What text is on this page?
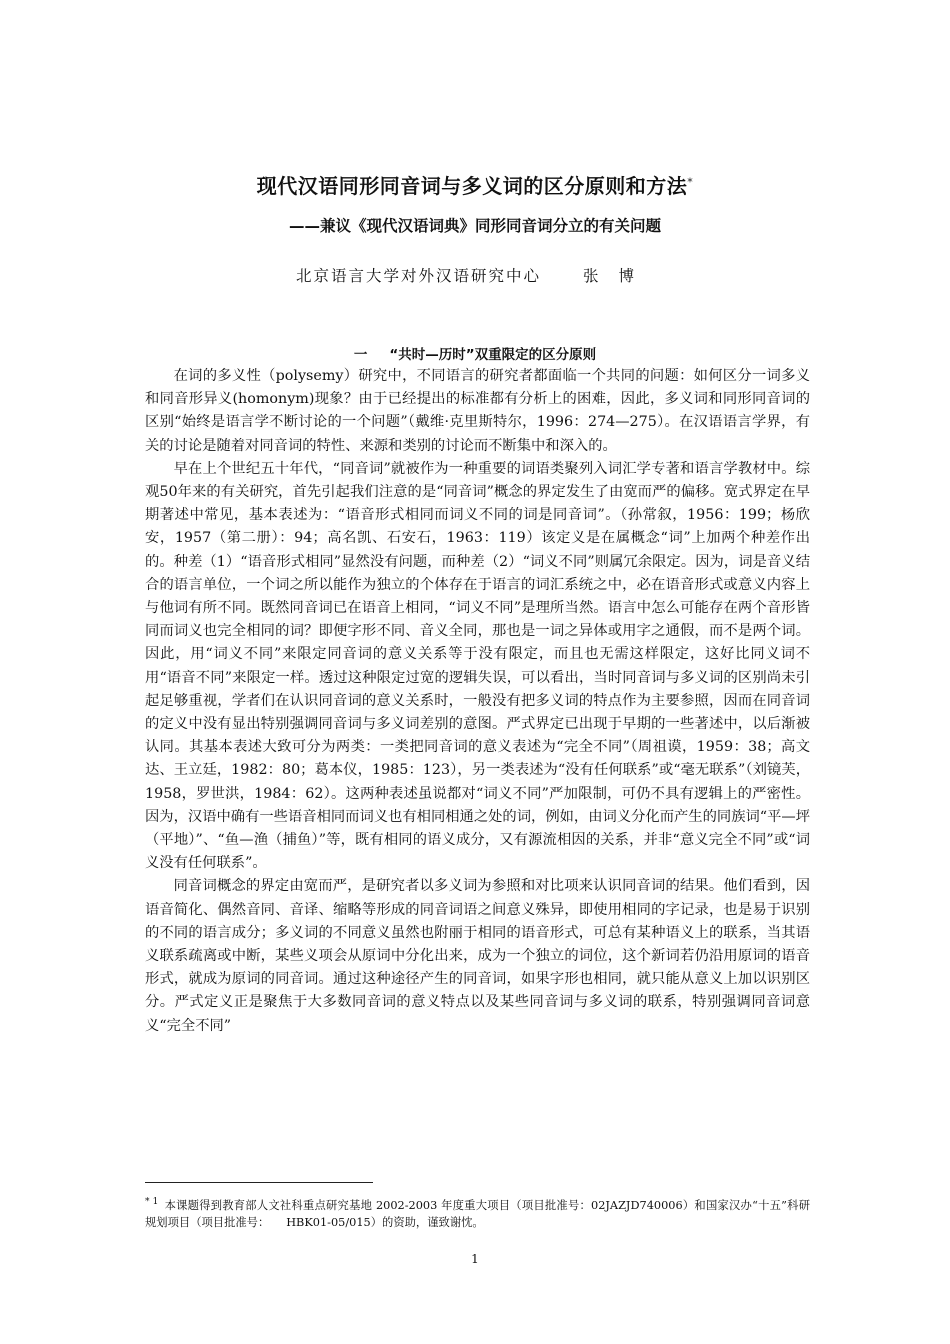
现代汉语同形同音词与多义词的区分原则和方法*
——兼议《现代汉语词典》同形同音词分立的有关问题
北京语言大学对外汉语研究中心	张博
一 “共时—历时”双重限定的区分原则

在词的多义性（polysemy）研究中，不同语言的研究者都面临一个共同的问题：如何区分一词多义和同音形异义(homonym)现象？由于已经提出的标准都有分析上的困难，因此，多义词和同形同音词的区别“始终是语言学不断讨论的一个问题”（戴维·克里斯特尔，1996：274—275）。在汉语语言学界，有关的讨论是随着对同音词的特性、来源和类别的讨论而不断集中和深入的。

早在上个世纪五十年代，“同音词”就被作为一种重要的词语类聚列入词汇学专著和语言学教材中。综观50年来的有关研究，首先引起我们注意的是“同音词”概念的界定发生了由宽而严的偏移。宽式界定在早期著述中常见，基本表述为：“语音形式相同而词义不同的词是同音词”。（孙常叙，1956：199；杨欣安，1957（第二册）：94；高名凯、石安石，1963：119）该定义是在属概念“词”上加两个种差作出的。种差（1）“语音形式相同”显然没有问题，而种差（2）“词义不同”则属冗余限定。因为，词是音义结合的语言单位，一个词之所以能作为独立的个体存在于语言的词汇系统之中，必在语音形式或意义内容上与他词有所不同。既然同音词已在语音上相同，“词义不同”是理所当然。语言中怎么可能存在两个音形皆同而词义也完全相同的词？即便字形不同、音义全同，那也是一词之异体或用字之通假，而不是两个词。因此，用“词义不同”来限定同音词的意义关系等于没有限定，而且也无需这样限定，这好比同义词不用“语音不同”来限定一样。透过这种限定过宽的逻辑失误，可以看出，当时同音词与多义词的区别尚未引起足够重视，学者们在认识同音词的意义关系时，一般没有把多义词的特点作为主要参照，因而在同音词的定义中没有显出特别强调同音词与多义词差别的意图。严式界定已出现于早期的一些著述中，以后渐被认同。其基本表述大致可分为两类：一类把同音词的意义表述为“完全不同”（周祖谟，1959：38；高文达、王立廷，1982：80；葛本仪，1985：123），另一类表述为“没有任何联系”或“毫无联系”（刘镜芙，1958，罗世洪，1984：62）。这两种表述虽说都对“词义不同”严加限制，可仍不具有逻辑上的严密性。因为，汉语中确有一些语音相同而词义也有相同相通之处的词，例如，由词义分化而产生的同族词“平—坪（平地）”、“鱼—渔（捕鱼）”等，既有相同的语义成分，又有源流相因的关系，并非“意义完全不同”或“词义没有任何联系”。

同音词概念的界定由宽而严，是研究者以多义词为参照和对比项来认识同音词的结果。他们看到，因语音简化、偶然音同、音译、缩略等形成的同音词语之间意义殊异，即使用相同的字记录，也是易于识别的不同的语言成分；多义词的不同意义虽然也附丽于相同的语音形式，可总有某种语义上的联系，当其语义联系疏离或中断，某些义项会从原词中分化出来，成为一个独立的词位，这个新词若仍沿用原词的语音形式，就成为原词的同音词。通过这种途径产生的同音词，如果字形也相同，就只能从意义上加以识别区分。严式定义正是聚焦于大多数同音词的意义特点以及某些同音词与多义词的联系，特别强调同音词意义“完全不同”

$^{* 1}$ 本课题得到教育部人文社科重点研究基地 2002-2003 年度重大项目（项目批准号：02JAZJD740006）和国家汉办“十五”科研规划项目（项目批准号：　　HBK01-05/015）的资助，谨致谢忱。
1
